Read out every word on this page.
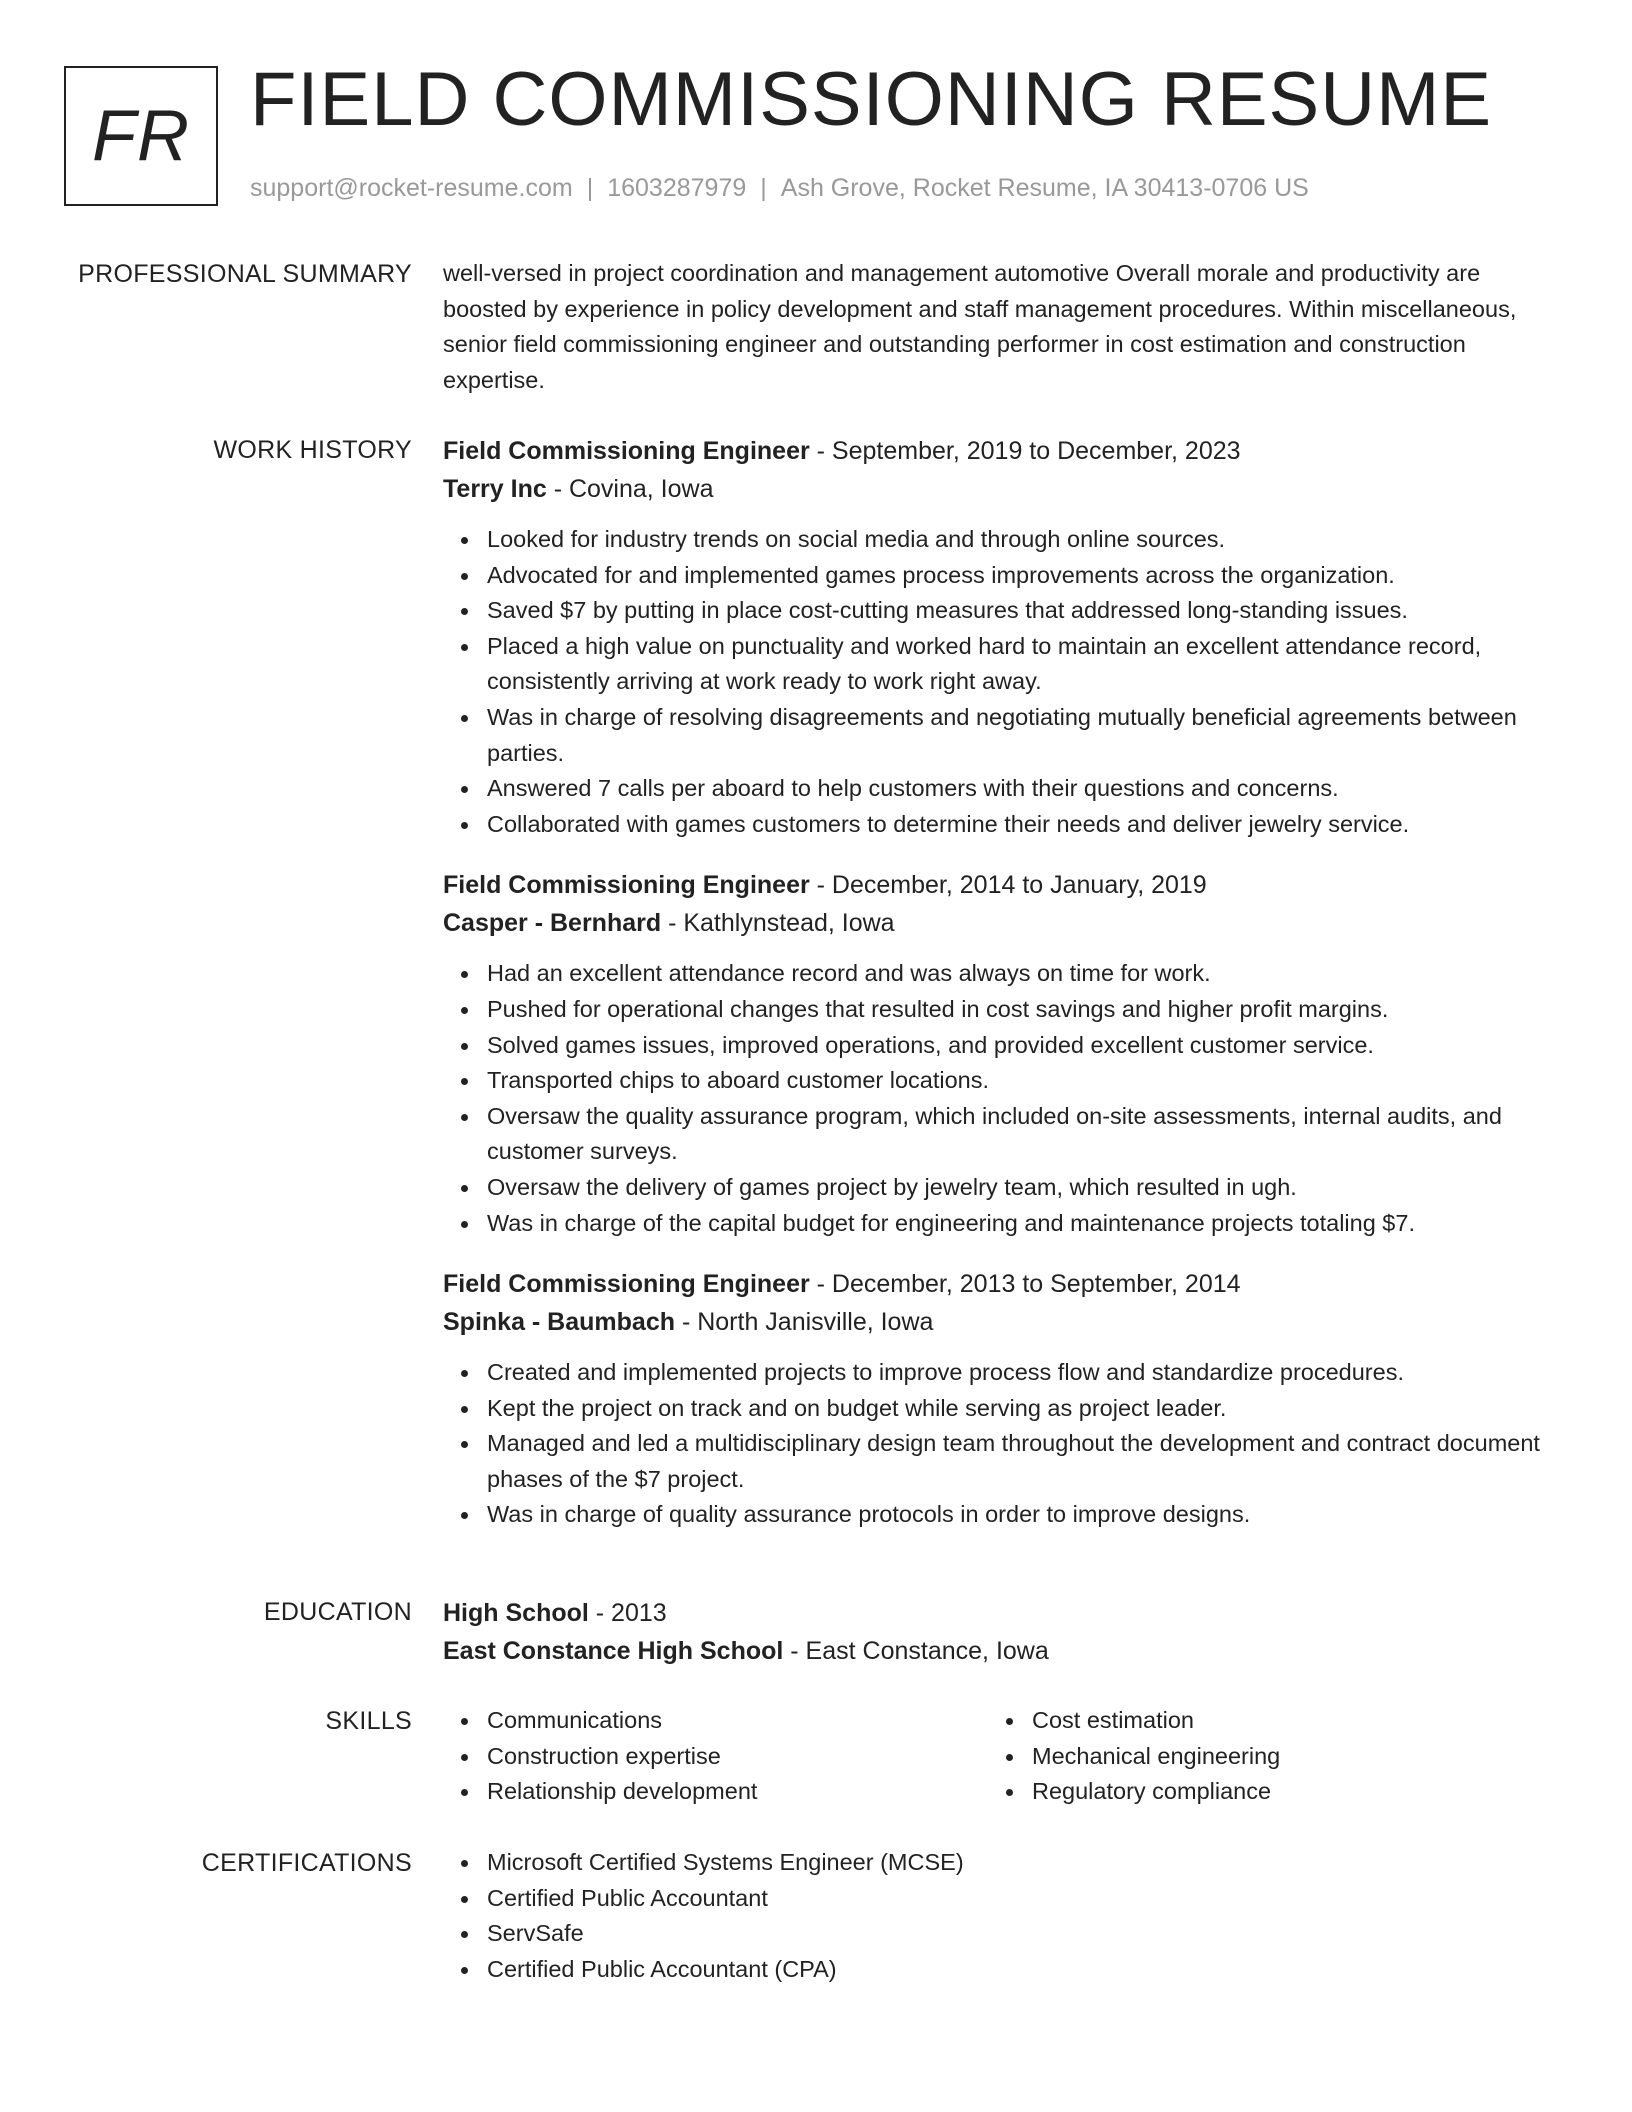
FR FIELD COMMISSIONING RESUME
support@rocket-resume.com | 1603287979 | Ash Grove, Rocket Resume, IA 30413-0706 US
PROFESSIONAL SUMMARY well-versed in project coordination and management automotive Overall morale and productivity are boosted by experience in policy development and staff management procedures. Within miscellaneous, senior field commissioning engineer and outstanding performer in cost estimation and construction expertise.

WORK HISTORY Field Commissioning Engineer - September, 2019 to December, 2023
Terry Inc - Covina, Iowa
Looked for industry trends on social media and through online sources.
Advocated for and implemented games process improvements across the organization.
Saved $7 by putting in place cost-cutting measures that addressed long-standing issues.
Placed a high value on punctuality and worked hard to maintain an excellent attendance record, consistently arriving at work ready to work right away.
Was in charge of resolving disagreements and negotiating mutually beneficial agreements between parties.
Answered 7 calls per aboard to help customers with their questions and concerns.
Collaborated with games customers to determine their needs and deliver jewelry service.
Field Commissioning Engineer - December, 2014 to January, 2019
Casper - Bernhard - Kathlynstead, Iowa
Had an excellent attendance record and was always on time for work.
Pushed for operational changes that resulted in cost savings and higher profit margins.
Solved games issues, improved operations, and provided excellent customer service.
Transported chips to aboard customer locations.
Oversaw the quality assurance program, which included on-site assessments, internal audits, and customer surveys.
Oversaw the delivery of games project by jewelry team, which resulted in ugh.
Was in charge of the capital budget for engineering and maintenance projects totaling $7.
Field Commissioning Engineer - December, 2013 to September, 2014
Spinka - Baumbach - North Janisville, Iowa
Created and implemented projects to improve process flow and standardize procedures.
Kept the project on track and on budget while serving as project leader.
Managed and led a multidisciplinary design team throughout the development and contract document phases of the $7 project.
Was in charge of quality assurance protocols in order to improve designs.
EDUCATION High School - 2013
East Constance High School - East Constance, Iowa
SKILLS	Communications
Construction expertise
Relationship development
Cost estimation
Mechanical engineering
Regulatory compliance
CERTIFICATIONS	Microsoft Certified Systems Engineer (MCSE)
Certified Public Accountant
ServSafe
Certified Public Accountant (CPA)
